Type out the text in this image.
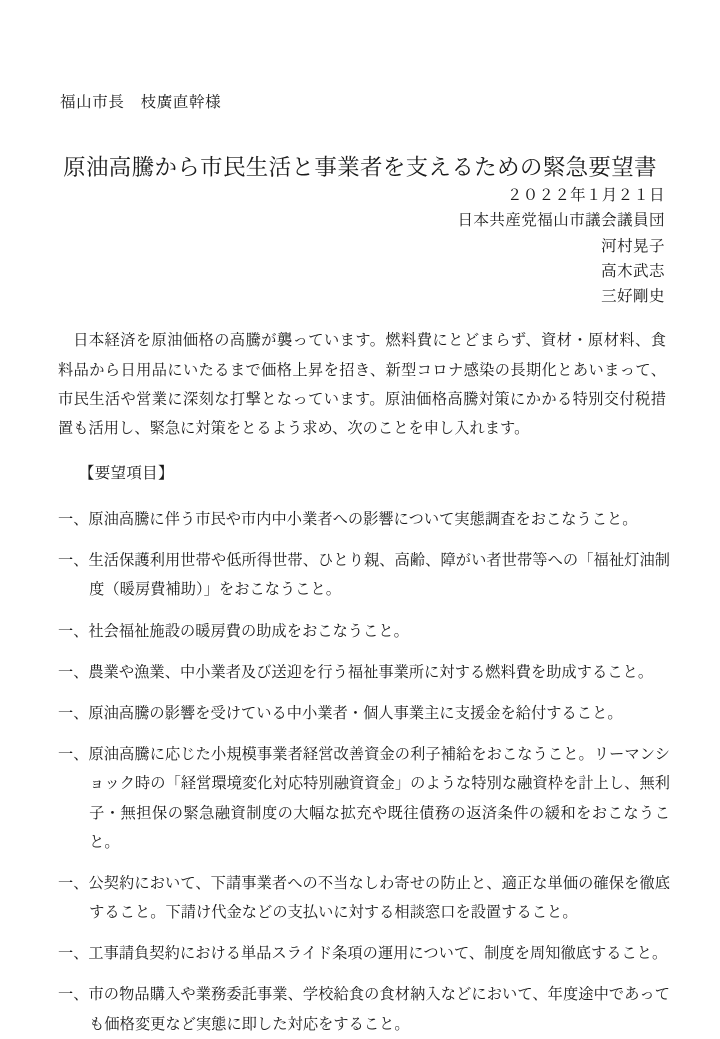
福山市長　枝廣直幹様
原油高騰から市民生活と事業者を支えるための緊急要望書
２０２２年１月２１日
日本共産党福山市議会議員団
河村晃子
高木武志
三好剛史

日本経済を原油価格の高騰が襲っています。燃料費にとどまらず、資材・原材料、食料品から日用品にいたるまで価格上昇を招き、新型コロナ感染の長期化とあいまって、市民生活や営業に深刻な打撃となっています。原油価格高騰対策にかかる特別交付税措置も活用し、緊急に対策をとるよう求め、次のことを申し入れます。

【要望項目】
一、原油高騰に伴う市民や市内中小業者への影響について実態調査をおこなうこと。
一、生活保護利用世帯や低所得世帯、ひとり親、高齢、障がい者世帯等への「福祉灯油制度（暖房費補助）」をおこなうこと。
一、社会福祉施設の暖房費の助成をおこなうこと。
一、農業や漁業、中小業者及び送迎を行う福祉事業所に対する燃料費を助成すること。
一、原油高騰の影響を受けている中小業者・個人事業主に支援金を給付すること。
一、原油高騰に応じた小規模事業者経営改善資金の利子補給をおこなうこと。リーマンショック時の「経営環境変化対応特別融資資金」のような特別な融資枠を計上し、無利子・無担保の緊急融資制度の大幅な拡充や既往債務の返済条件の緩和をおこなうこと。
一、公契約において、下請事業者への不当なしわ寄せの防止と、適正な単価の確保を徹底すること。下請け代金などの支払いに対する相談窓口を設置すること。
一、工事請負契約における単品スライド条項の運用について、制度を周知徹底すること。
一、市の物品購入や業務委託事業、学校給食の食材納入などにおいて、年度途中であっても価格変更など実態に即した対応をすること。
